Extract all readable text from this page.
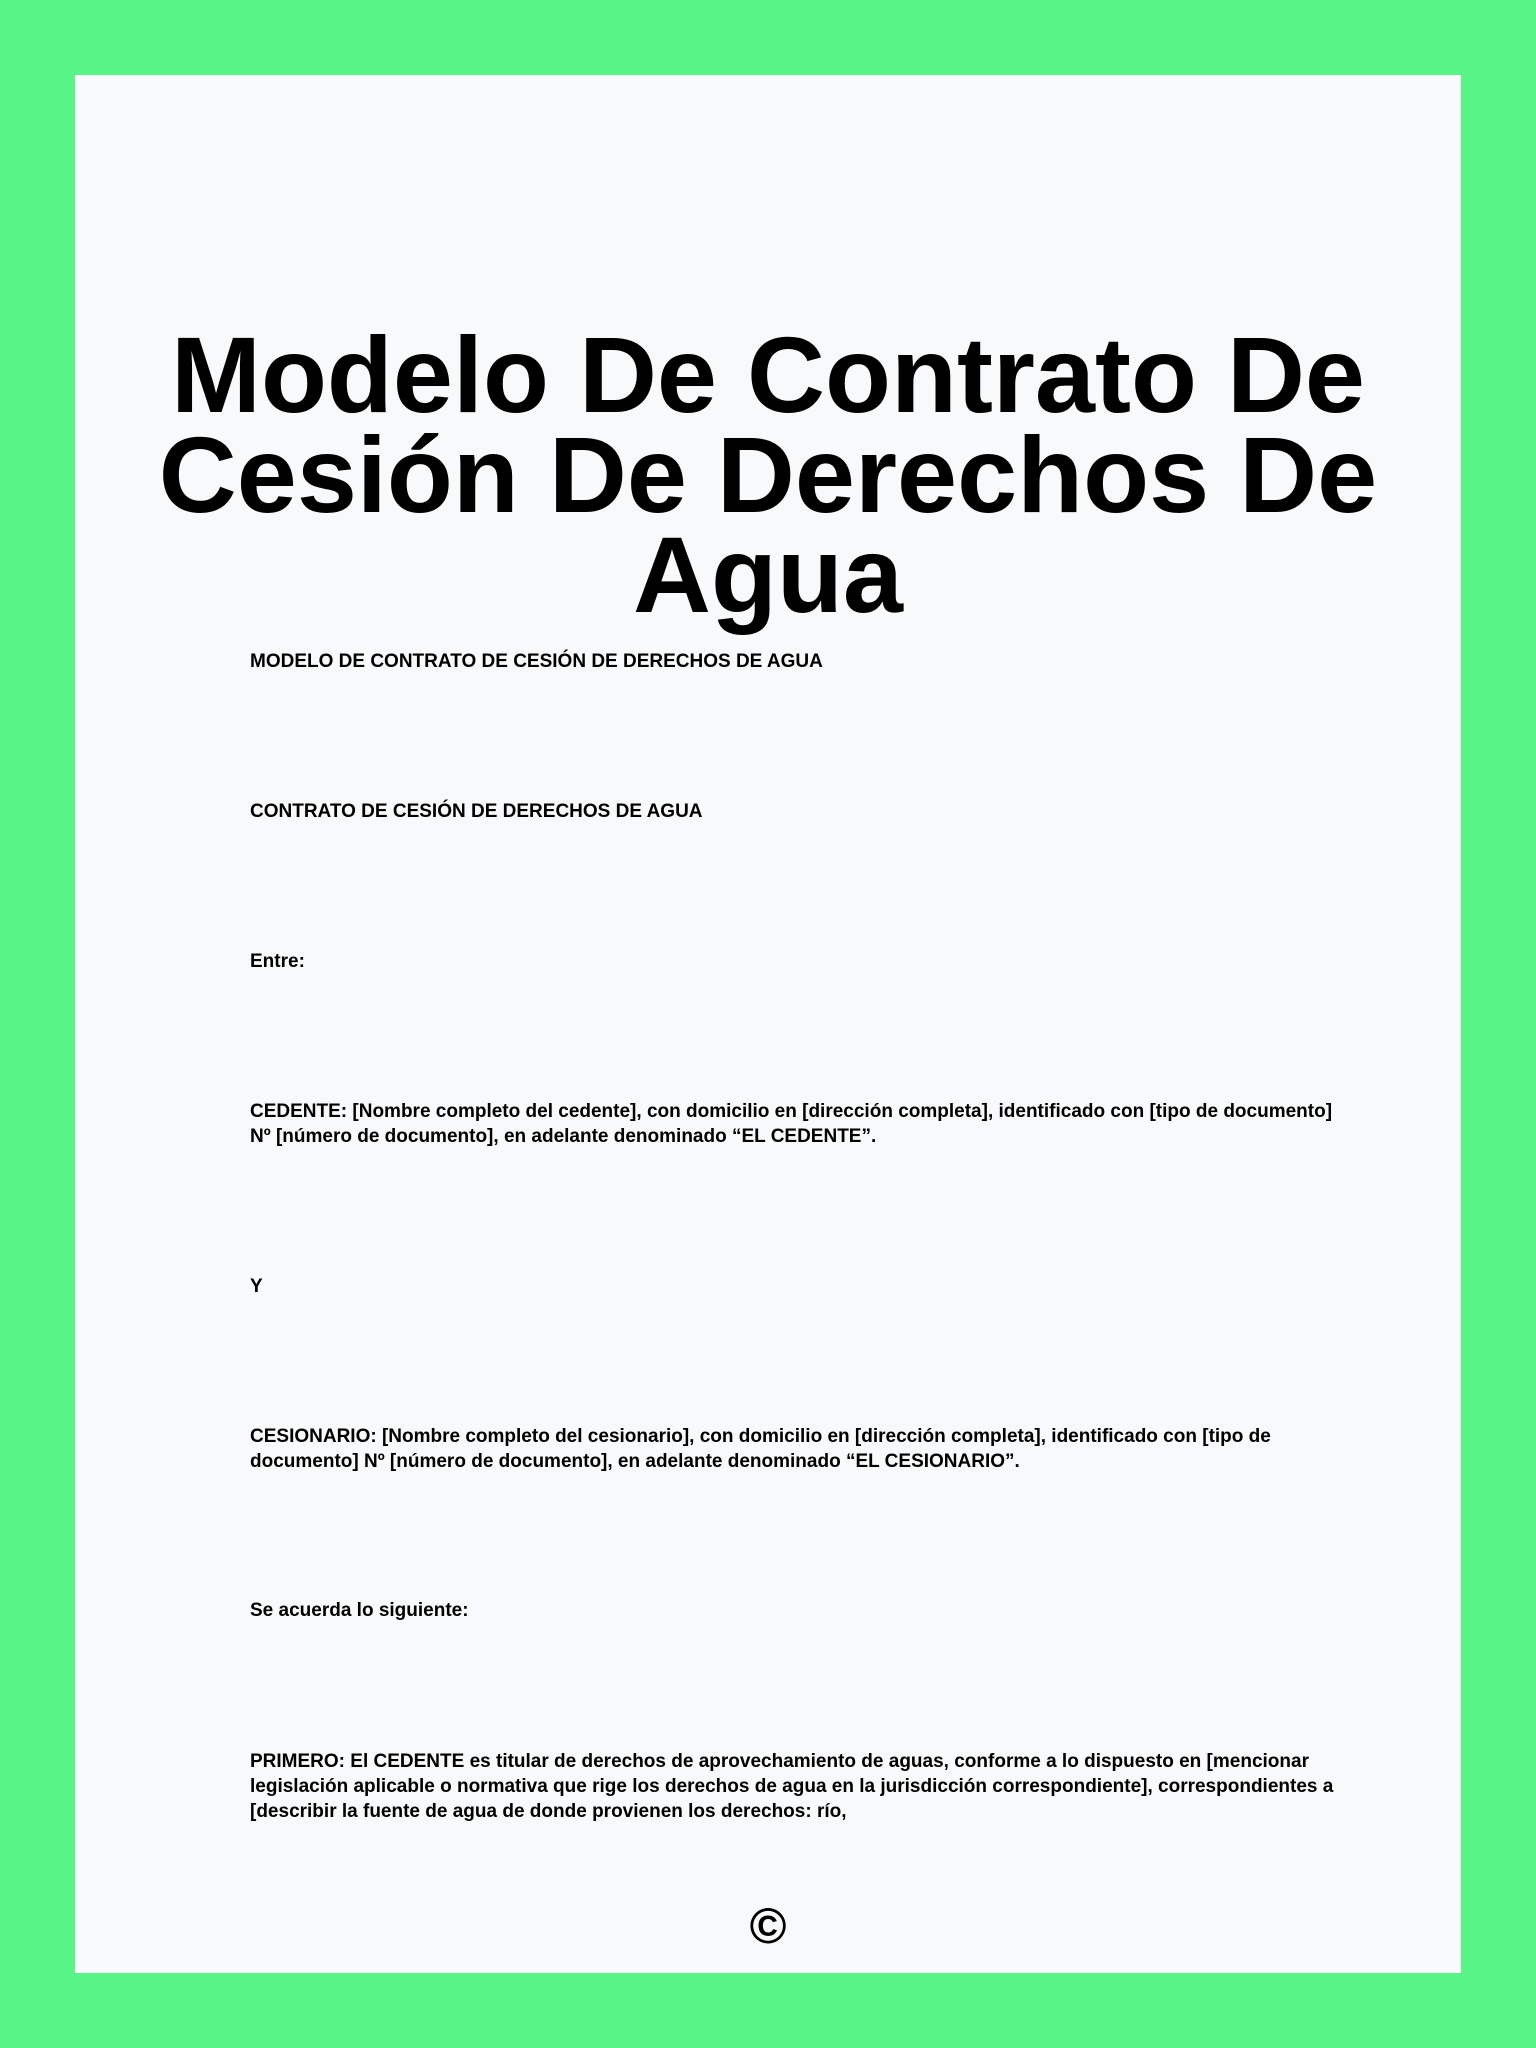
Modelo De Contrato De Cesión De Derechos De Agua

MODELO DE CONTRATO DE CESIÓN DE DERECHOS DE AGUA

CONTRATO DE CESIÓN DE DERECHOS DE AGUA

Entre:

CEDENTE: [Nombre completo del cedente], con domicilio en [dirección completa], identificado con [tipo de documento] Nº [número de documento], en adelante denominado “EL CEDENTE”.

Y

CESIONARIO: [Nombre completo del cesionario], con domicilio en [dirección completa], identificado con [tipo de documento] Nº [número de documento], en adelante denominado “EL CESIONARIO”.

Se acuerda lo siguiente:

PRIMERO: El CEDENTE es titular de derechos de aprovechamiento de aguas, conforme a lo dispuesto en [mencionar legislación aplicable o normativa que rige los derechos de agua en la jurisdicción correspondiente], correspondientes a [describir la fuente de agua de donde provienen los derechos: río,

©
